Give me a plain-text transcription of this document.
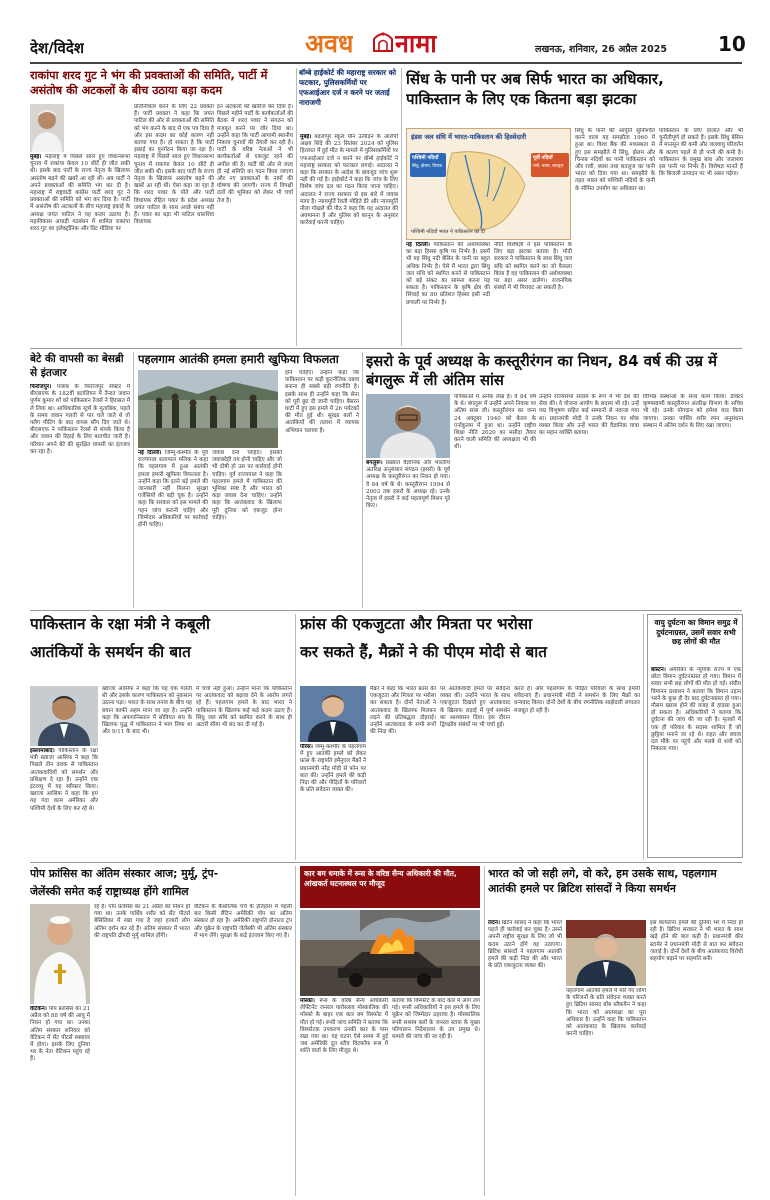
देश/विदेश	अवध नामा	लखनऊ, शनिवार, 26 अप्रैल 2025	10
राकांपा शरद गुट ने भंग की प्रवक्ताओं की समिति, पार्टी में असंतोष की अटकलों के बीच उठाया बड़ा कदम
मुंबई। महाराष्ट्र में पिछले साल हुए विधानसभा चुनाव में राकांपा केवल 10 सीटें ही जीत सकी थी। इसके बाद पार्टी के राज्य नेतृत्व के खिलाफ असंतोष बढ़ने की खबरें आ रही थीं। अब पार्टी ने अपने प्रवक्ताओं की समिति भंग कर दी है। महाराष्ट्र में राष्ट्रवादी कांग्रेस पार्टी शरद गुट ने प्रवक्ताओं की समिति को भंग कर दिया है। पार्टी में असंतोष की अटकलों के बीच महाराष्ट्र इकाई के अध्यक्ष जयंत पाटिल ने यह कदम उठाया है। महाविकास अघाड़ी गठबंधन में शामिल राकांपा शरद गुट का इलेक्ट्रॉनिक और प्रिंट मीडिया पर
प्रतिनिधित्व करने के लिए 22 प्रवक्ता हैं। पार्टी प्रवक्ता ने कहा कि जयंत पाटिल की ओर से प्रवक्ताओं की समिति को भंग करने के बाद से एक पत्र दिया है और इस कदम का कोई कारण नहीं बताया गया है। हो सकता है कि पार्टी इकाई का पुनर्गठन किया जा रहा है। महाराष्ट्र में पिछले साल हुए विधानसभा चुनाव में राकांपा केवल 10 सीटें ही जीत सकी थी। इसके बाद पार्टी के राज्य नेतृत्व के खिलाफ असंतोष बढ़ने की खबरें आ रही थीं। ऐसा कहा जा रहा है कि शरद पवार के पोते और पार्टी विधायक रोहित पवार के प्रदेश अध्यक्ष जयंत पाटिल के साथ अच्छे संबंध नहीं हैं। पवार का धड़ा भी पाटिल धाराशिव विधायक
इन अटकलों को खारिज कर दिया है। पिछले महीने पार्टी के कार्यकर्ताओं की बैठक में शरद पवार ने संगठन को मजबूत करने पर जोर दिया था। उन्होंने कहा कि पार्टी आगामी स्थानीय निकाय चुनावों की तैयारी कर रही है। पार्टी के वरिष्ठ नेताओं ने भी कार्यकर्ताओं से एकजुट रहने की अपील की है। पार्टी की ओर से जल्द ही नई समिति का गठन किया जाएगा और नए प्रवक्ताओं के नामों की घोषणा की जाएगी। राज्य में विपक्षी दलों की भूमिका को लेकर भी चर्चा तेज है।
बॉम्बे हाईकोर्ट की महाराष्ट्र सरकार को फटकार, पुलिसकर्मियों पर एफआईआर दर्ज न करने पर जताई नाराजगी
मुंबई। बदलापुर स्कूल यौन उत्पीड़न के आरोपी अक्षय शिंदे की 23 सितंबर 2024 को पुलिस हिरासत में हुई मौत के मामले में पुलिसकर्मियों पर एफआईआर दर्ज न करने पर बॉम्बे हाईकोर्ट ने महाराष्ट्र सरकार को फटकार लगाई। अदालत ने कहा कि सरकार के आदेश के बावजूद जांच शुरू नहीं की गई है। हाईकोर्ट ने कहा कि जांच के लिए विशेष जांच दल का गठन किया जाना चाहिए। अदालत ने राज्य सरकार से इस बारे में जवाब मांगा है। न्यायमूर्ति रेवती मोहिते डेरे और न्यायमूर्ति नीला गोखले की पीठ ने कहा कि यह अदालत की अवमानना है और पुलिस को कानून के अनुसार कार्रवाई करनी चाहिए।
सिंध के पानी पर अब सिर्फ भारत का अधिकार,
पाकिस्तान के लिए एक कितना बड़ा झटका
इंडस जल संधि में भारत-पाकिस्तान की हिस्सेदारी
पश्चिमी नदियाँ
सिंधु, झेलम, चिनाब
पूर्वी नदियाँ
रावी, ब्यास, सतलुज
पश्चिमी नदियाँ भारत ने पाकिस्तान को दी
नई दिल्ली। पाकिस्तान की अर्थव्यवस्था का बड़ा हिस्सा कृषि पर निर्भर है। इसमें भी यह सिंधु नदी बेसिन के पानी पर बहुत अधिक निर्भर है। ऐसे में भारत द्वारा सिंधु जल संधि को स्थगित करने से पाकिस्तान को बड़े संकट का सामना करना पड़ सकता है। पाकिस्तान के कृषि क्षेत्र की सिंचाई का 80 प्रतिशत हिस्सा इसी नदी प्रणाली पर निर्भर है।
नीति विशेषज्ञों ने इसे पाकिस्तान के लिए बड़ा झटका बताया है। मोदी सरकार ने पाकिस्तान के साथ सिंधु जल संधि को स्थगित करने का जो फैसला किया है वह पाकिस्तान की अर्थव्यवस्था पर बड़ा असर डालेगा। राजनयिक संबंधों में भी गिरावट आ सकती है।
सिंधु के पानी की आपूर्ति सुनिश्चित करने वाला यह समझौता 1960 में हुआ था। विश्व बैंक की मध्यस्थता से हुए इस समझौते में सिंधु, झेलम और चिनाब नदियों का पानी पाकिस्तान को और रावी, ब्यास तथा सतलुज का पानी भारत को दिया गया था। समझौते के तहत भारत को पश्चिमी नदियों के पानी के सीमित उपयोग का अधिकार था।
पाकिस्तान के लिए हालात और भी चुनौतीपूर्ण हो सकते हैं। इसके सिंधु बेसिन में मानसून की कमी और जलवायु परिवर्तन के कारण पहले से ही पानी की कमी है। पाकिस्तान के प्रमुख बांध और जलाशय इस पानी पर निर्भर हैं। विशेषज्ञ मानते हैं कि बिजली उत्पादन पर भी असर पड़ेगा।
बेटे की वापसी का बेसब्री से इंतजार
फिरोजपुर। पंजाब के फिरोजपुर सेक्टर में बीएसएफ के 182वीं बटालियन में तैनात जवान पूर्णम कुमार शॉ को पाकिस्तान रेंजर्स ने हिरासत में ले लिया था। आधिकारिक सूत्रों के मुताबिक, पहले के समय जवान गलती से पार चले जाते थे तो फ्लैग मीटिंग के बाद वापस सौंप दिए जाते थे। बीएसएफ ने पाकिस्तान रेंजर्स से संपर्क किया है और जवान की रिहाई के लिए बातचीत जारी है। परिवार अपने बेटे की सुरक्षित वापसी का इंतजार कर रहा है।
पहलगाम आतंकी हमला हमारी खुफिया विफलता
नई दिल्ली। जिम्मू-कश्मीर के पूर्व राज्यपाल सत्यपाल मलिक ने कहा कि पहलगाम में हुआ आतंकी हमला हमारी खुफिया विफलता है। उन्होंने कहा कि इतने बड़े हमले की जानकारी नहीं मिलना सुरक्षा एजेंसियों की बड़ी चूक है। उन्होंने कहा कि सरकार को इस मामले की गहन जांच करानी चाहिए और जिम्मेदार अधिकारियों पर कार्रवाई होनी चाहिए।
जवाब देना चाहिए। इसकी जवाबदेही तय होनी चाहिए और जो भी दोषी हो उस पर कार्रवाई होनी चाहिए। पूर्व राज्यपाल ने कहा कि पहलगाम हमले में पाकिस्तान की भूमिका स्पष्ट है और भारत को कड़ा जवाब देना चाहिए। उन्होंने कहा कि आतंकवाद के खिलाफ पूरी दुनिया को एकजुट होना चाहिए।
होने चाहिए। उन्होंने कहा कि पाकिस्तान पर कड़ी कूटनीतिक दबाव बनाना ही सबसे बड़ी रणनीति है। इसके साथ ही उन्होंने कहा कि सेना को पूरी छूट दी जानी चाहिए। बैसरन घाटी में हुए इस हमले में 26 पर्यटकों की मौत हुई थी। सुरक्षा बलों ने आतंकियों की तलाश में व्यापक अभियान चलाया है।
इसरो के पूर्व अध्यक्ष के कस्तूरीरंगन का निधन, 84 वर्ष की उम्र में बंगलुरू में ली अंतिम सांस
बंगलुरू। प्रख्यात वैज्ञानिक और भारतीय अंतरिक्ष अनुसंधान संगठन (इसरो) के पूर्व अध्यक्ष के कस्तूरीरंगन का निधन हो गया। वे 84 वर्ष के थे। कस्तूरीरंगन 1994 से 2003 तक इसरो के अध्यक्ष रहे। उनके नेतृत्व में इसरो ने कई महत्वपूर्ण मिशन पूरे किए।
पत्रिकाओं में अनेक लेख हैं। वे 84 वर्ष के थे। बंगलुरू में उन्होंने अपने निवास पर अंतिम सांस ली। कस्तूरीरंगन का जन्म 24 अक्टूबर 1940 को केरल के एर्नाकुलम में हुआ था। उन्होंने राष्ट्रीय शिक्षा नीति 2020 का मसौदा तैयार करने वाली समिति की अध्यक्षता भी की थी।
उन्होंने राज्यसभा सदस्य के रूप में भी देश की सेवा की। वे योजना आयोग के सदस्य भी रहे। उन्हें पद्म विभूषण सहित कई सम्मानों से नवाजा गया था। प्रधानमंत्री मोदी ने उनके निधन पर शोक व्यक्त किया और उन्हें भारत की वैज्ञानिक यात्रा का महान व्यक्ति बताया।
विभिन्न संस्थाओं के साथ काम किया। डॉक्टर कृष्णस्वामी कस्तूरीरंगन अंतरिक्ष विभाग के सचिव भी रहे। उनके योगदान को हमेशा याद किया जाएगा। उनका पार्थिव शरीर रमन अनुसंधान संस्थान में अंतिम दर्शन के लिए रखा जाएगा।
पाकिस्तान के रक्षा मंत्री ने कबूली
आतंकियों के समर्थन की बात
इस्लामाबाद। पाकिस्तान के रक्षा मंत्री ख्वाजा आसिफ ने कहा कि पिछले तीन दशक से पाकिस्तान आतंकवादियों को समर्थन और प्रशिक्षण दे रहा है। उन्होंने एक इंटरव्यू में यह स्वीकार किया। ख्वाजा आसिफ ने कहा कि हम यह गंदा काम अमेरिका और पश्चिमी देशों के लिए कर रहे थे।
ख्वाजा आसिफ ने कहा कि यह एक गलती थी और इसके कारण पाकिस्तान को नुकसान उठाना पड़ा। भारत के साथ तनाव के बीच यह बयान काफी अहम माना जा रहा है। उन्होंने कहा कि अफगानिस्तान में सोवियत संघ के खिलाफ युद्ध में पाकिस्तान ने भाग लिया था और 9/11 के बाद भी।
में चर्चा नहीं हुआ। उन्होंने माना कि पाकिस्तान पर आतंकवाद को बढ़ावा देने के आरोप लगते रहे हैं। पहलगाम हमले के बाद भारत ने पाकिस्तान के खिलाफ कई कड़े कदम उठाए हैं। सिंधु जल संधि को स्थगित करने के साथ ही अटारी सीमा भी बंद कर दी गई है।
फ्रांस की एकजुटता और मित्रता पर भरोसा
कर सकते हैं, मैक्रों ने की पीएम मोदी से बात
पेरिस। जम्मू-कश्मीर के पहलगाम में हुए आतंकी हमले को लेकर फ्रांस के राष्ट्रपति इमैनुएल मैक्रों ने प्रधानमंत्री नरेंद्र मोदी से फोन पर बात की। उन्होंने हमले की कड़ी निंदा की और पीड़ितों के परिवारों के प्रति संवेदना व्यक्त की।
मैक्रों ने कहा कि भारत फ्रांस की एकजुटता और मित्रता पर भरोसा कर सकता है। दोनों नेताओं ने आतंकवाद के खिलाफ मिलकर लड़ने की प्रतिबद्धता दोहराई। उन्होंने आतंकवाद के सभी रूपों की निंदा की।
पर आतंकवादी हमले पर संवेदना व्यक्त की। उन्होंने भारत के साथ एकजुटता दिखाते हुए आतंकवाद के खिलाफ लड़ाई में पूर्ण समर्थन का आश्वासन दिया। इस दौरान द्विपक्षीय संबंधों पर भी चर्चा हुई।
करते हैं। और पहलगाम के पीड़ित परिवारों के साथ हमारी संवेदनाएं हैं। प्रधानमंत्री मोदी ने समर्थन के लिए मैक्रों का धन्यवाद किया। दोनों देशों के बीच रणनीतिक साझेदारी लगातार मजबूत हो रही है।
वायु दुर्घटना का विमान समुद्र में दुर्घटनाग्रस्त, उसमें सवार सभी छह लोगों की मौत
बोस्टन। अमेरिका के न्यूयॉर्क राज्य में एक छोटा विमान दुर्घटनाग्रस्त हो गया। विमान में सवार सभी छह लोगों की मौत हो गई। संघीय विमानन प्रशासन ने बताया कि विमान उड़ान भरने के कुछ ही देर बाद दुर्घटनाग्रस्त हो गया। मौसम खराब होने की वजह से हादसा हुआ हो सकता है। अधिकारियों ने बताया कि दुर्घटना की जांच की जा रही है। मृतकों में एक ही परिवार के सदस्य शामिल हैं जो छुट्टियां मनाने जा रहे थे। राहत और बचाव दल मौके पर पहुंचे और मलबे से शवों को निकाला गया।
पोप फ्रांसिस का अंतिम संस्कार आज; मुर्मू, ट्रंप-
जेलेंस्की समेत कई राष्ट्राध्यक्ष होंगे शामिल
वेटिकन। पोप फ्रांसिस का 21 अप्रैल को 88 वर्ष की आयु में निधन हो गया था। उनका अंतिम संस्कार शनिवार को वेटिकन में सेंट पीटर्स स्क्वायर में होगा। इसके लिए दुनिया भर के नेता वेटिकन पहुंच रहे हैं।
रहे हैं। पोप फ्रांसिस का 21 अप्रैल को निधन हो गया था। उनके पार्थिव शरीर को सेंट पीटर्स बेसिलिका में रखा गया है जहां हजारों लोग अंतिम दर्शन कर रहे हैं। अंतिम संस्कार में भारत की राष्ट्रपति द्रौपदी मुर्मू शामिल होंगी।
वेटिकन के कैथोलिक चर्च के इतिहास में पहली बार किसी लैटिन अमेरिकी पोप का अंतिम संस्कार हो रहा है। अमेरिकी राष्ट्रपति डोनाल्ड ट्रंप और यूक्रेन के राष्ट्रपति जेलेंस्की भी अंतिम संस्कार में भाग लेंगे। सुरक्षा के कड़े इंतजाम किए गए हैं।
कार बम धमाके में रूस के वरिष्ठ सैन्य अधिकारी की मौत, आंखकर्त घटनास्थल पर मौजूद
मॉस्को। रूस के वरिष्ठ सैन्य अधिकारी लेफ्टिनेंट जनरल यारोस्लाव मोस्कालिक की मॉस्को के बाहर एक कार बम विस्फोट में मौत हो गई। रूसी जांच समिति ने बताया कि विस्फोटक उपकरण उनकी कार के पास रखा गया था। यह घटना ऐसे समय में हुई जब अमेरिकी दूत स्टीव विटकॉफ रूस में शांति वार्ता के लिए मौजूद थे।
बताया कि विस्फोट के बाद कार में आग लग गई। रूसी अधिकारियों ने इस हमले के लिए यूक्रेन को जिम्मेदार ठहराया है। मोस्कालिक रूसी सशस्त्र बलों के जनरल स्टाफ के मुख्य परिचालन निदेशालय के उप प्रमुख थे। मामले की जांच की जा रही है।
भारत को जो सही लगे, वो करे, हम उसके साथ, पहलगाम आतंकी हमले पर ब्रिटिश सांसदों ने किया समर्थन
लंदन। ब्रिटेन सांसद ने कहा कि भारत पहले ही कार्रवाई कर चुका है। उसने अपनी राष्ट्रीय सुरक्षा के लिए जो भी कदम उठाने होंगे वह उठाएगा। ब्रिटिश सांसदों ने पहलगाम आतंकी हमले की कड़ी निंदा की और भारत के प्रति एकजुटता व्यक्त की।
पहलगाम आतंकी हमले में मारे गए लोगों के परिजनों के प्रति संवेदना व्यक्त करते हुए ब्रिटिश सांसद बॉब ब्लैकमैन ने कहा कि भारत को आत्मरक्षा का पूरा अधिकार है। उन्होंने कहा कि पाकिस्तान को आतंकवाद के खिलाफ कार्रवाई करनी चाहिए।
इस कायराना हमले की दुनिया भर में निंदा हो रही है। ब्रिटिश सरकार ने भी भारत के साथ खड़े होने की बात कही है। प्रधानमंत्री कीर स्टार्मर ने प्रधानमंत्री मोदी से बात कर संवेदना जताई है। दोनों देशों के बीच आतंकवाद विरोधी सहयोग बढ़ाने पर सहमति बनी।
